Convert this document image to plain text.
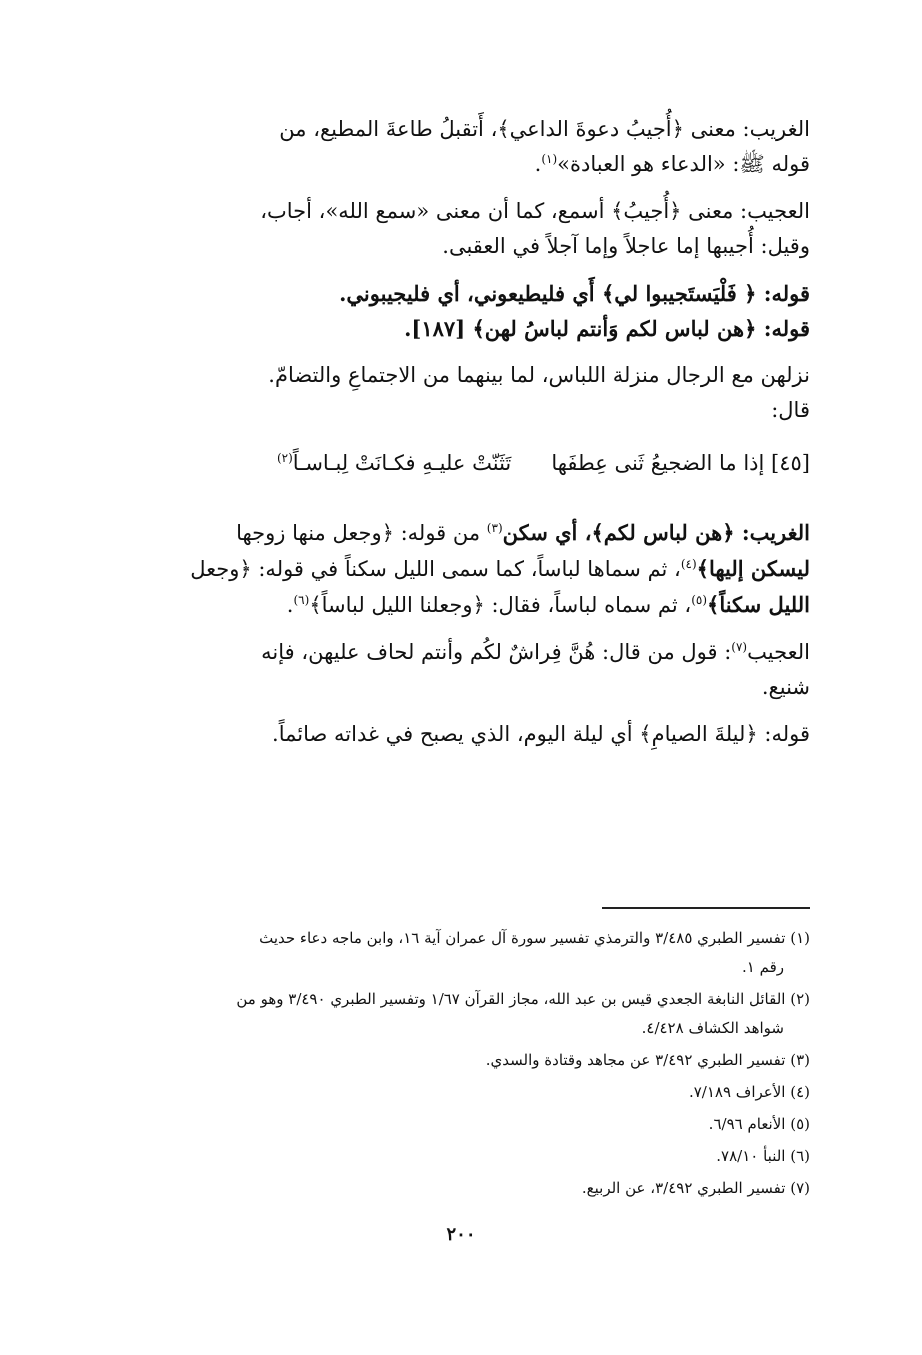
الغريب: معنى ﴿أُجيبُ دعوةَ الداعي﴾، أَتقبلُ طاعةَ المطيع، من
قوله ﷺ: «الدعاء هو العبادة»$^{(١)}$.

العجيب: معنى ﴿أُجيبُ﴾ أسمع، كما أن معنى «سمع الله»، أجاب،
وقيل: أُجيبها إما عاجلاً وإما آجلاً في العقبى.

قوله: ﴿ فَلْيَستَجيبوا لي﴾ أَي فليطيعوني، أي فليجيبوني.
قوله: ﴿هن لباس لكم وَأنتم لباسُ لهن﴾ [١٨٧].

نزلهن مع الرجال منزلة اللباس، لما بينهما من الاجتماعِ والتضامّ.
قال:

[٤٥] إذا ما الضجيعُ ثَنى عِطفَها      تَثَنّتْ عليـهِ فكـانَتْ لِبـاسـاً$^{(٢)}$

الغريب: ﴿هن لباس لكم﴾، أي سكن$^{(٣)}$ من قوله: ﴿وجعل منها زوجها
ليسكن إليها﴾$^{(٤)}$، ثم سماها لباساً، كما سمى الليل سكناً في قوله: ﴿وجعل
الليل سكناً﴾$^{(٥)}$، ثم سماه لباساً، فقال: ﴿وجعلنا الليل لباساً﴾$^{(٦)}$.

العجيب$^{(٧)}$: قول من قال: هُنَّ فِراشٌ لكُم وأنتم لحاف عليهن، فإنه
شنيع.

قوله: ﴿ليلةَ الصيامِ﴾ أي ليلة اليوم، الذي يصبح في غداته صائماً.

(١) تفسير الطبري ٣/٤٨٥ والترمذي تفسير سورة آل عمران آية ١٦، وابن ماجه دعاء حديث
رقم ١.
(٢) القائل النابغة الجعدي قيس بن عبد الله، مجاز القرآن ١/٦٧ وتفسير الطبري ٣/٤٩٠ وهو من
شواهد الكشاف ٤/٤٢٨.
(٣) تفسير الطبري ٣/٤٩٢ عن مجاهد وقتادة والسدي.
(٤) الأعراف ٧/١٨٩.
(٥) الأنعام ٦/٩٦.
(٦) النبأ ٧٨/١٠.
(٧) تفسير الطبري ٣/٤٩٢، عن الربيع.
٢٠٠
